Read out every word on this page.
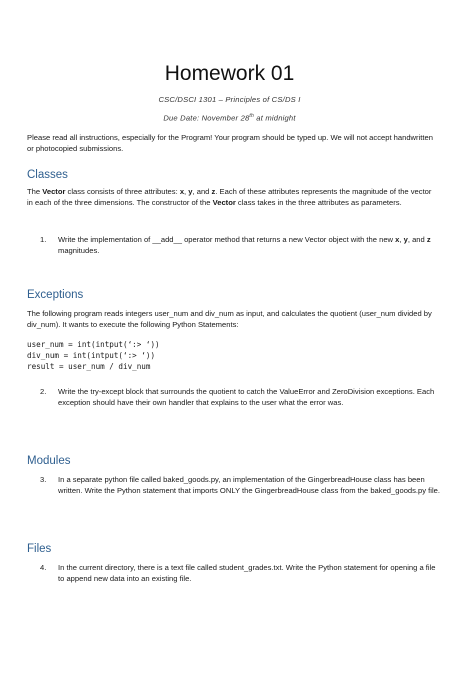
Homework 01
CSC/DSCI 1301 – Principles of CS/DS I
Due Date: November 28th at midnight
Please read all instructions, especially for the Program! Your program should be typed up. We will not accept handwritten or photocopied submissions.
Classes
The Vector class consists of three attributes: x, y, and z. Each of these attributes represents the magnitude of the vector in each of the three dimensions. The constructor of the Vector class takes in the three attributes as parameters.
1.	Write the implementation of __add__ operator method that returns a new Vector object with the new x, y, and z magnitudes.
Exceptions
The following program reads integers user_num and div_num as input, and calculates the quotient (user_num divided by div_num). It wants to execute the following Python Statements:
user_num = int(intput(‘:> ‘))
div_num = int(intput(‘:> ‘))
result = user_num / div_num
2.	Write the try-except block that surrounds the quotient to catch the ValueError and ZeroDivision exceptions. Each exception should have their own handler that explains to the user what the error was.
Modules
3.	In a separate python file called baked_goods.py, an implementation of the GingerbreadHouse class has been written. Write the Python statement that imports ONLY the GingerbreadHouse class from the baked_goods.py file.
Files
4.	In the current directory, there is a text file called student_grades.txt. Write the Python statement for opening a file to append new data into an existing file.
